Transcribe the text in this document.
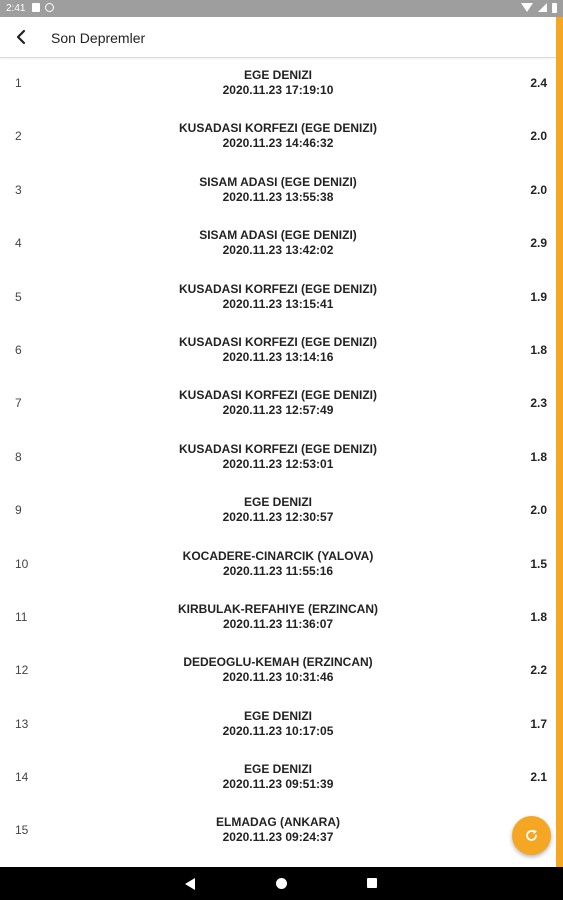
2:41
Son Depremler
1
EGE DENIZI
2020.11.23 17:19:10	2.4
2
KUSADASI KORFEZI (EGE DENIZI)
2020.11.23 14:46:32	2.0
3
SISAM ADASI (EGE DENIZI)
2020.11.23 13:55:38	2.0
4
SISAM ADASI (EGE DENIZI)
2020.11.23 13:42:02	2.9
5
KUSADASI KORFEZI (EGE DENIZI)
2020.11.23 13:15:41	1.9
6
KUSADASI KORFEZI (EGE DENIZI)
2020.11.23 13:14:16	1.8
7
KUSADASI KORFEZI (EGE DENIZI)
2020.11.23 12:57:49	2.3
8
KUSADASI KORFEZI (EGE DENIZI)
2020.11.23 12:53:01	1.8
9
EGE DENIZI
2020.11.23 12:30:57	2.0
10
KOCADERE-CINARCIK (YALOVA)
2020.11.23 11:55:16	1.5
11
KIRBULAK-REFAHIYE (ERZINCAN)
2020.11.23 11:36:07	1.8
12
DEDEOGLU-KEMAH (ERZINCAN)
2020.11.23 10:31:46	2.2
13
EGE DENIZI
2020.11.23 10:17:05	1.7
14
EGE DENIZI
2020.11.23 09:51:39	2.1
15
ELMADAG (ANKARA)
2020.11.23 09:24:37
